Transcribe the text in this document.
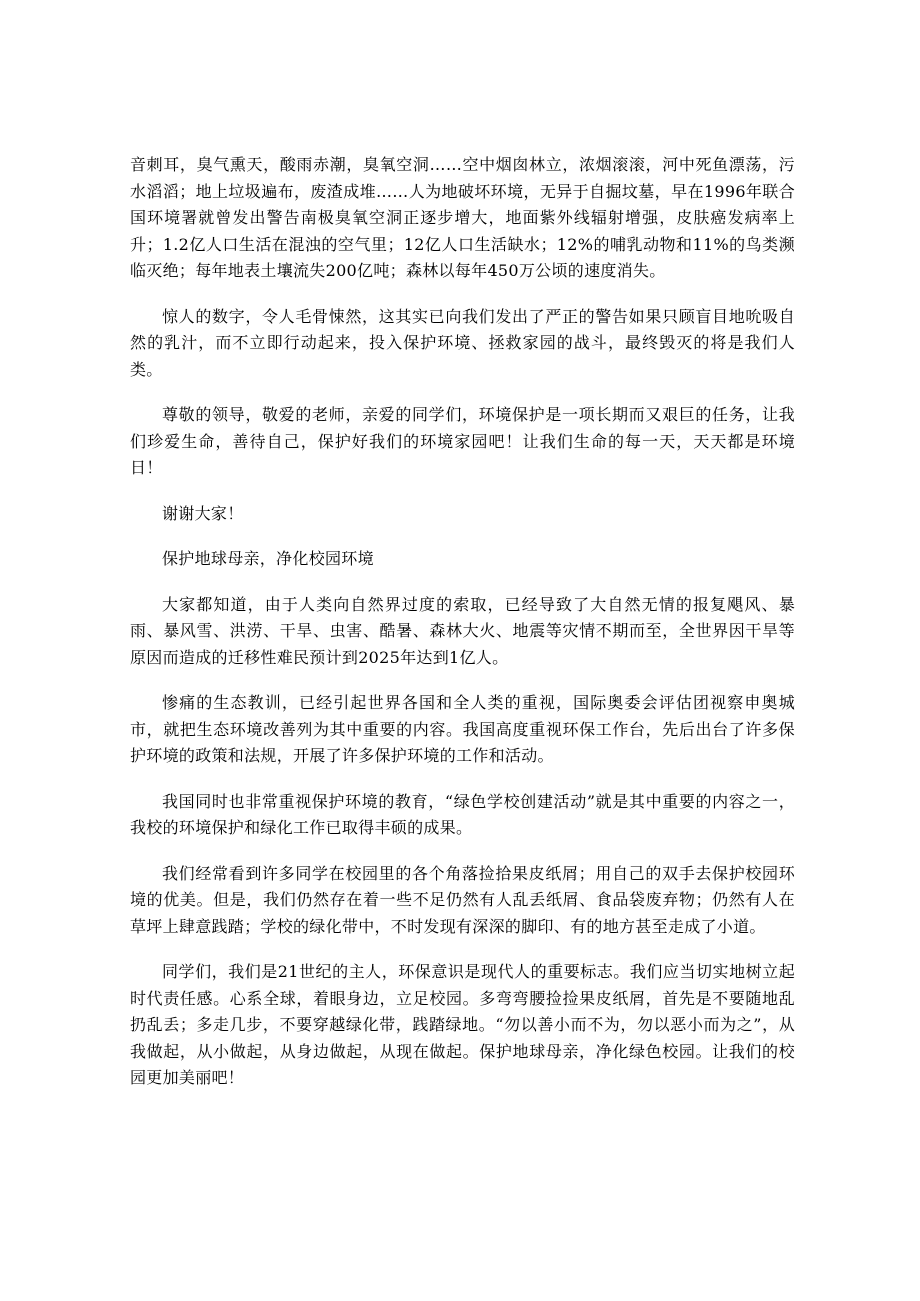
音刺耳，臭气熏天，酸雨赤潮，臭氧空洞……空中烟囱林立，浓烟滚滚，河中死鱼漂荡，污水滔滔；地上垃圾遍布，废渣成堆……人为地破坏环境，无异于自掘坟墓，早在1996年联合国环境署就曾发出警告南极臭氧空洞正逐步增大，地面紫外线辐射增强，皮肤癌发病率上升；1.2亿人口生活在混浊的空气里；12亿人口生活缺水；12%的哺乳动物和11%的鸟类濒临灭绝；每年地表土壤流失200亿吨；森林以每年450万公顷的速度消失。

惊人的数字，令人毛骨悚然，这其实已向我们发出了严正的警告如果只顾盲目地吮吸自然的乳汁，而不立即行动起来，投入保护环境、拯救家园的战斗，最终毁灭的将是我们人类。

尊敬的领导，敬爱的老师，亲爱的同学们，环境保护是一项长期而又艰巨的任务，让我们珍爱生命，善待自己，保护好我们的环境家园吧！让我们生命的每一天，天天都是环境日！

谢谢大家！

保护地球母亲，净化校园环境

大家都知道，由于人类向自然界过度的索取，已经导致了大自然无情的报复飓风、暴雨、暴风雪、洪涝、干旱、虫害、酷暑、森林大火、地震等灾情不期而至，全世界因干旱等原因而造成的迁移性难民预计到2025年达到1亿人。

惨痛的生态教训，已经引起世界各国和全人类的重视，国际奥委会评估团视察申奥城市，就把生态环境改善列为其中重要的内容。我国高度重视环保工作台，先后出台了许多保护环境的政策和法规，开展了许多保护环境的工作和活动。

我国同时也非常重视保护环境的教育，“绿色学校创建活动”就是其中重要的内容之一，我校的环境保护和绿化工作已取得丰硕的成果。

我们经常看到许多同学在校园里的各个角落捡拾果皮纸屑；用自己的双手去保护校园环境的优美。但是，我们仍然存在着一些不足仍然有人乱丢纸屑、食品袋废弃物；仍然有人在草坪上肆意践踏；学校的绿化带中，不时发现有深深的脚印、有的地方甚至走成了小道。

同学们，我们是21世纪的主人，环保意识是现代人的重要标志。我们应当切实地树立起时代责任感。心系全球，着眼身边，立足校园。多弯弯腰捡捡果皮纸屑，首先是不要随地乱扔乱丢；多走几步，不要穿越绿化带，践踏绿地。“勿以善小而不为，勿以恶小而为之”，从我做起，从小做起，从身边做起，从现在做起。保护地球母亲，净化绿色校园。让我们的校园更加美丽吧！
